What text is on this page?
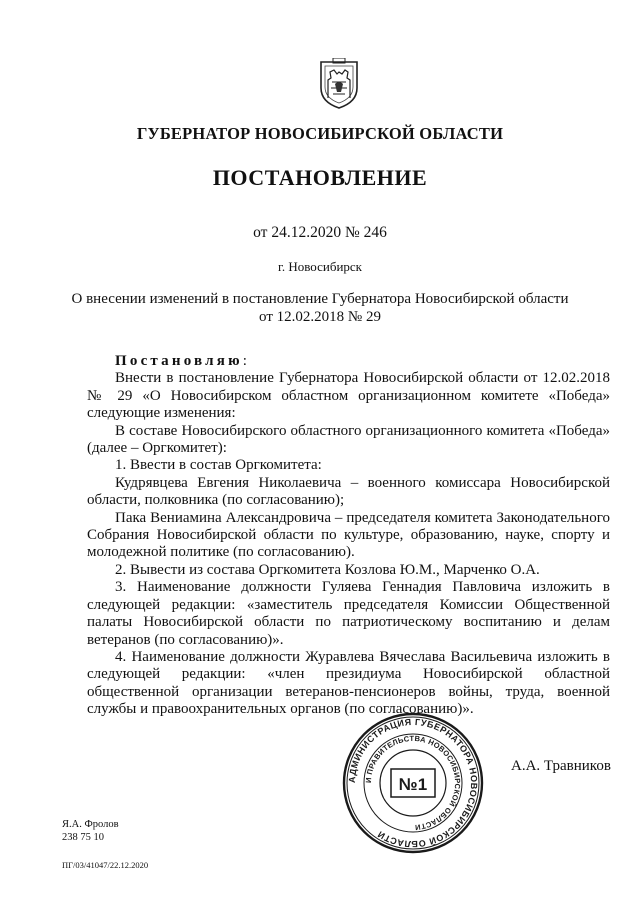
ГУБЕРНАТОР НОВОСИБИРСКОЙ ОБЛАСТИ
ПОСТАНОВЛЕНИЕ
от 24.12.2020 № 246
г. Новосибирск
О внесении изменений в постановление Губернатора Новосибирской области
от 12.02.2018 № 29

Постановляю:

Внести в постановление Губернатора Новосибирской области от 12.02.2018 № 29 «О Новосибирском областном организационном комитете «Победа» следующие изменения:

В составе Новосибирского областного организационного комитета «Победа» (далее – Оргкомитет):

1. Ввести в состав Оргкомитета:

Кудрявцева Евгения Николаевича – военного комиссара Новосибирской области, полковника (по согласованию);

Пака Вениамина Александровича – председателя комитета Законодательного Собрания Новосибирской области по культуре, образованию, науке, спорту и молодежной политике (по согласованию).

2. Вывести из состава Оргкомитета Козлова Ю.М., Марченко О.А.

3. Наименование должности Гуляева Геннадия Павловича изложить в следующей редакции: «заместитель председателя Комиссии Общественной палаты Новосибирской области по патриотическому воспитанию и делам ветеранов (по согласованию)».

4. Наименование должности Журавлева Вячеслава Васильевича изложить в следующей редакции: «член президиума Новосибирской областной общественной организации ветеранов-пенсионеров войны, труда, военной службы и правоохранительных органов (по согласованию)».

АДМИНИСТРАЦИЯ ГУБЕРНАТОРА НОВОСИБИРСКОЙ ОБЛАСТИ
И ПРАВИТЕЛЬСТВА НОВОСИБИРСКОЙ ОБЛАСТИ
№1
А.А. Травников
Я.А. Фролов
238 75 10
ПГ/03/41047/22.12.2020
